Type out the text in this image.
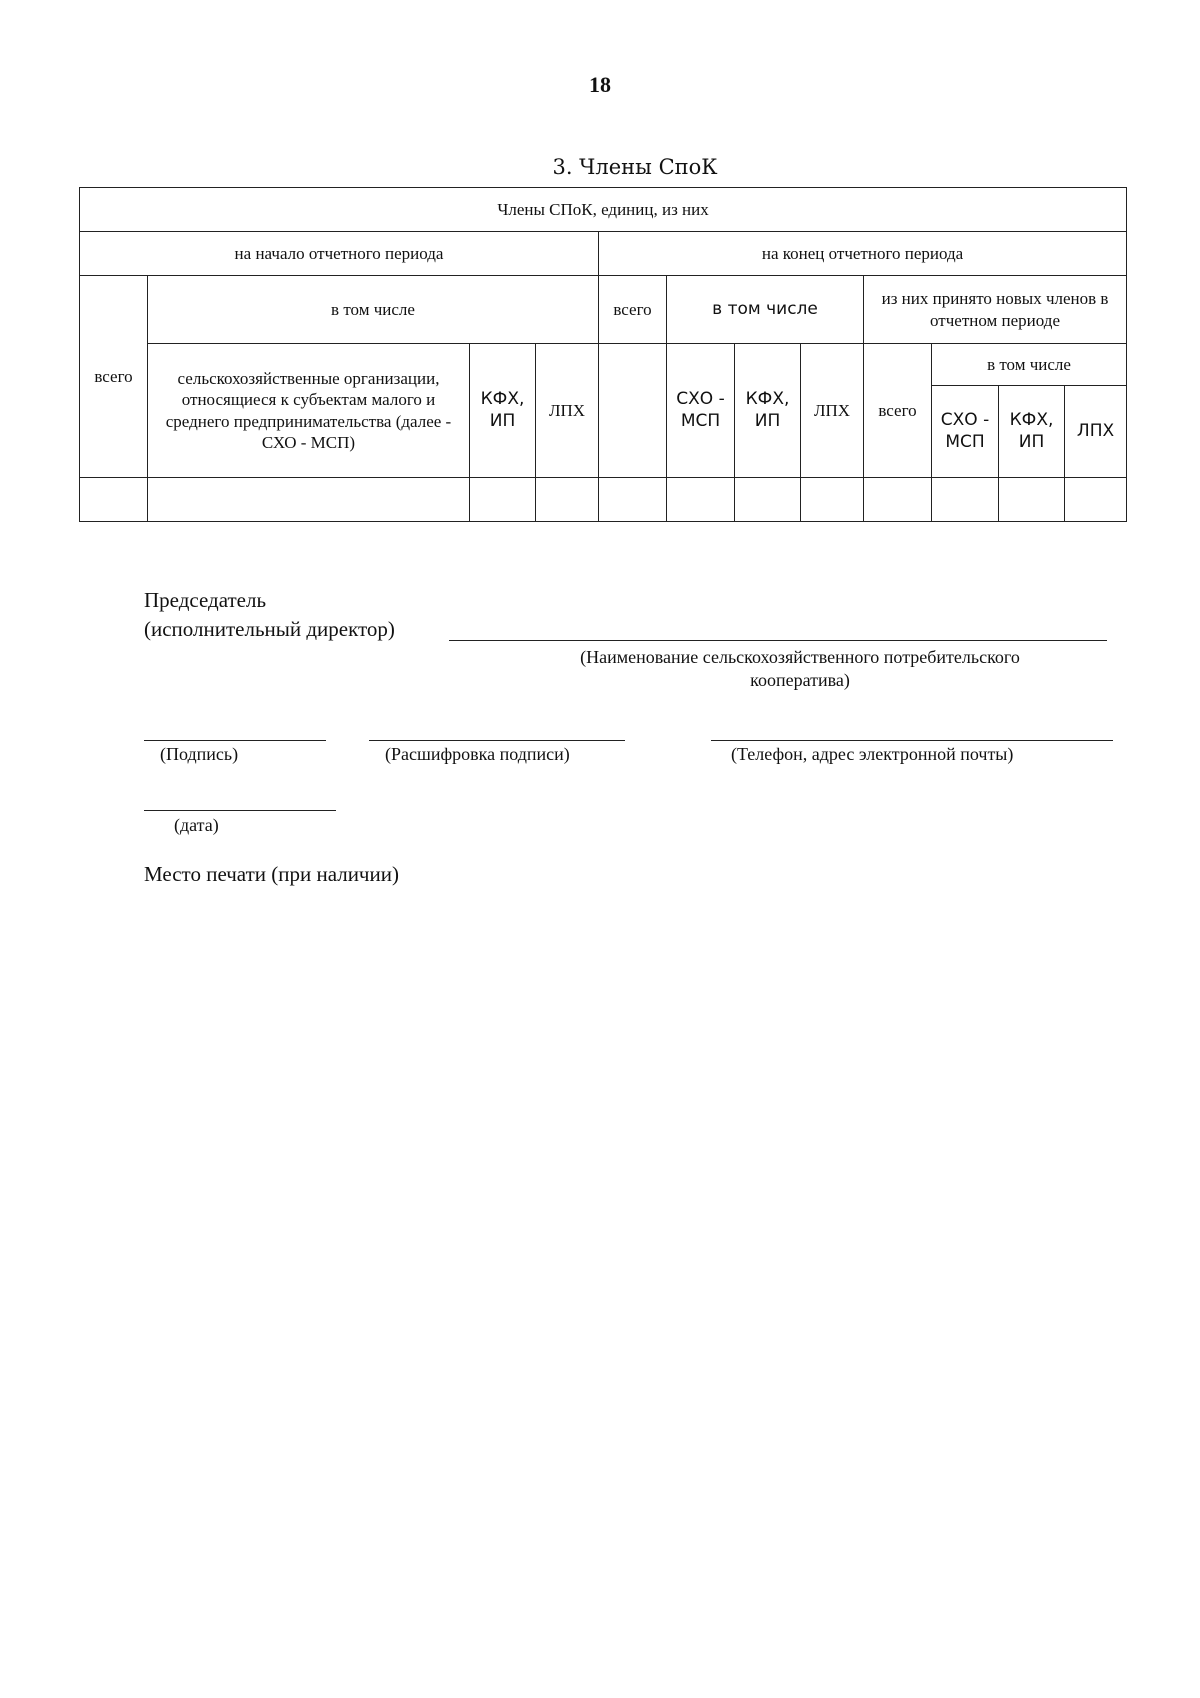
18
3. Члены СпоК
Члены СПоК, единиц, из них											
на начало отчетного периода				на конец отчетного периода							
всего	в том числе			всего	в том числе			из них принято новых членов в отчетном периоде			
	сельскохозяйственные организации, относящиеся к субъектам малого и среднего предпринимательства (далее - СХО - МСП)	КФХ, ИП	ЛПХ		СХО - МСП	КФХ, ИП	ЛПХ	всего	в том числе		
									СХО - МСП	КФХ, ИП	ЛПХ

Председатель
(исполнительный директор)
(Наименование сельскохозяйственного потребительского кооператива)
(Подпись)	(Расшифровка подписи)	(Телефон, адрес электронной почты)
(дата)
Место печати (при наличии)
